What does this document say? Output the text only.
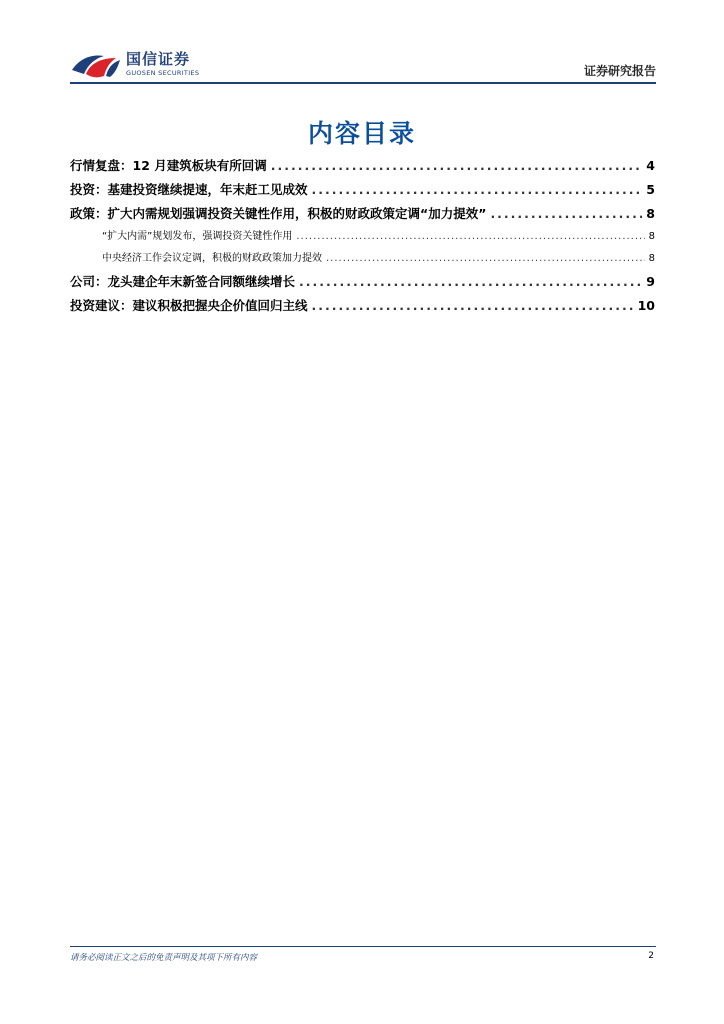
国信证券
GUOSEN SECURITIES	证券研究报告
内容目录
行情复盘：12 月建筑板块有所回调 .....	4
投资：基建投资继续提速，年末赶工见成效 .....	5
政策：扩大内需规划强调投资关键性作用，积极的财政政策定调“加力提效” .....	8
“扩大内需”规划发布，强调投资关键性作用 .....	8
中央经济工作会议定调，积极的财政政策加力提效 .....	8
公司：龙头建企年末新签合同额继续增长 .....	9
投资建议：建议积极把握央企价值回归主线 .....	10
请务必阅读正文之后的免责声明及其项下所有内容	2
